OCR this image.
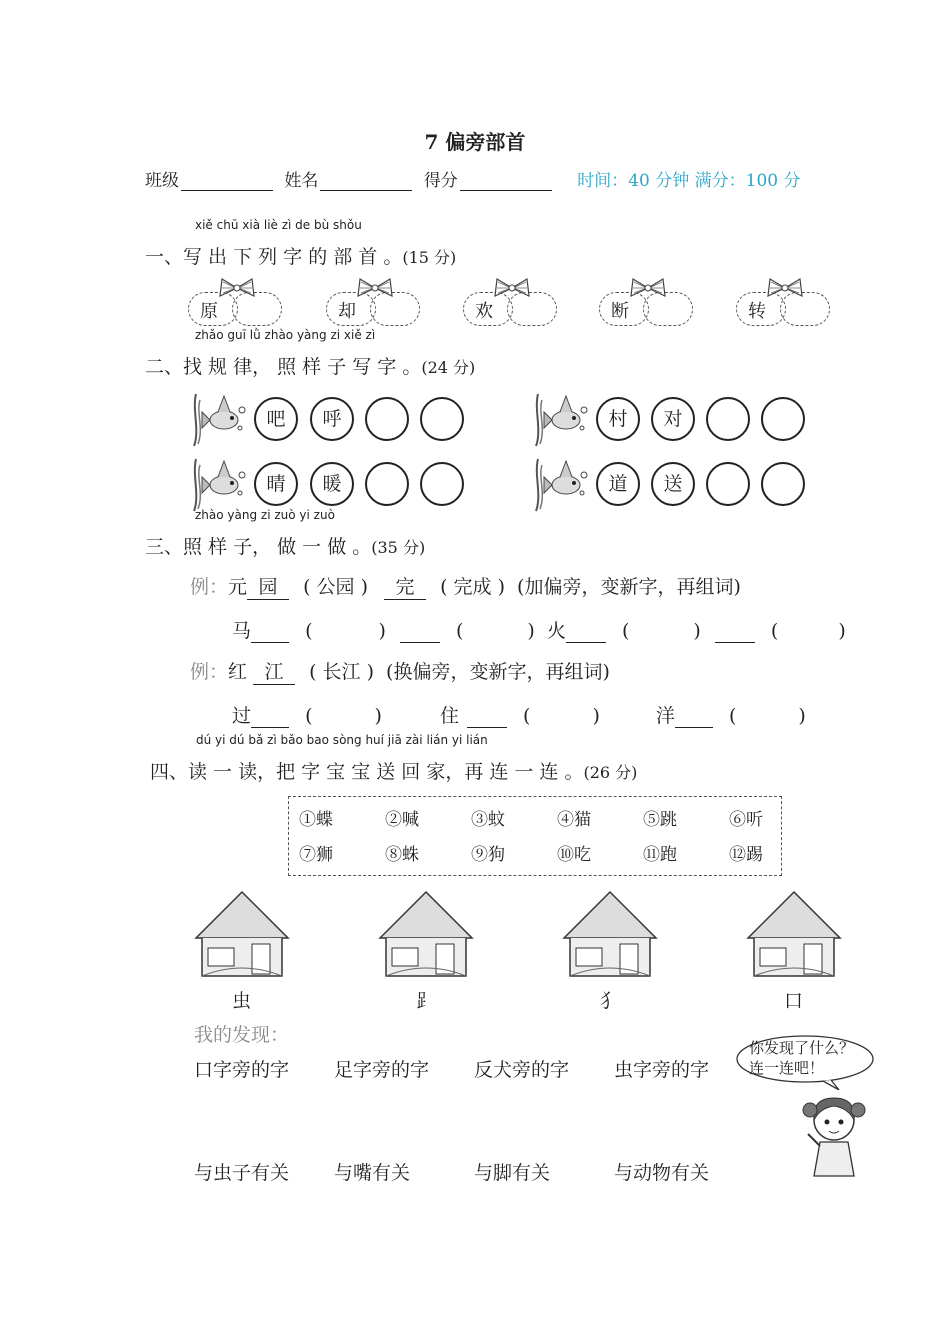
7 偏旁部首
班级	姓名	得分	时间：40 分钟 满分：100 分
xiě chū xià liè zì de bù shǒu
一、写 出 下 列 字 的 部 首 。(15 分)
原	却	欢	断	转
zhǎo guī lǜ zhào yàng zi xiě zì
二、找 规 律， 照 样 子 写 字 。(24 分)
吧	呼	村	对
晴	暖	道	送
zhào yàng zi zuò yi zuò
三、照 样 子， 做 一 做 。(35 分)
例：元 园 ( 公园 ) 完 ( 完成 ) (加偏旁，变新字，再组词)
马	(	)	(	) 火	(	)	(	)
例：红 江 ( 长江 ) (换偏旁，变新字，再组词)
过	(	)	住	(	)	洋	(	)
dú yi dú bǎ zì bǎo bao sòng huí jiā zài lián yi lián
四、读 一 读，把 字 宝 宝 送 回 家，再 连 一 连 。(26 分)
①蝶	②喊	③蚊	④猫	⑤跳	⑥听
⑦狮	⑧蛛	⑨狗	⑩吃	⑪跑	⑫踢
虫	⻊	犭	口
我的发现：
口字旁的字 足字旁的字 反犬旁的字 虫字旁的字
与虫子有关 与嘴有关	与脚有关	与动物有关
你发现了什么？
连一连吧！
